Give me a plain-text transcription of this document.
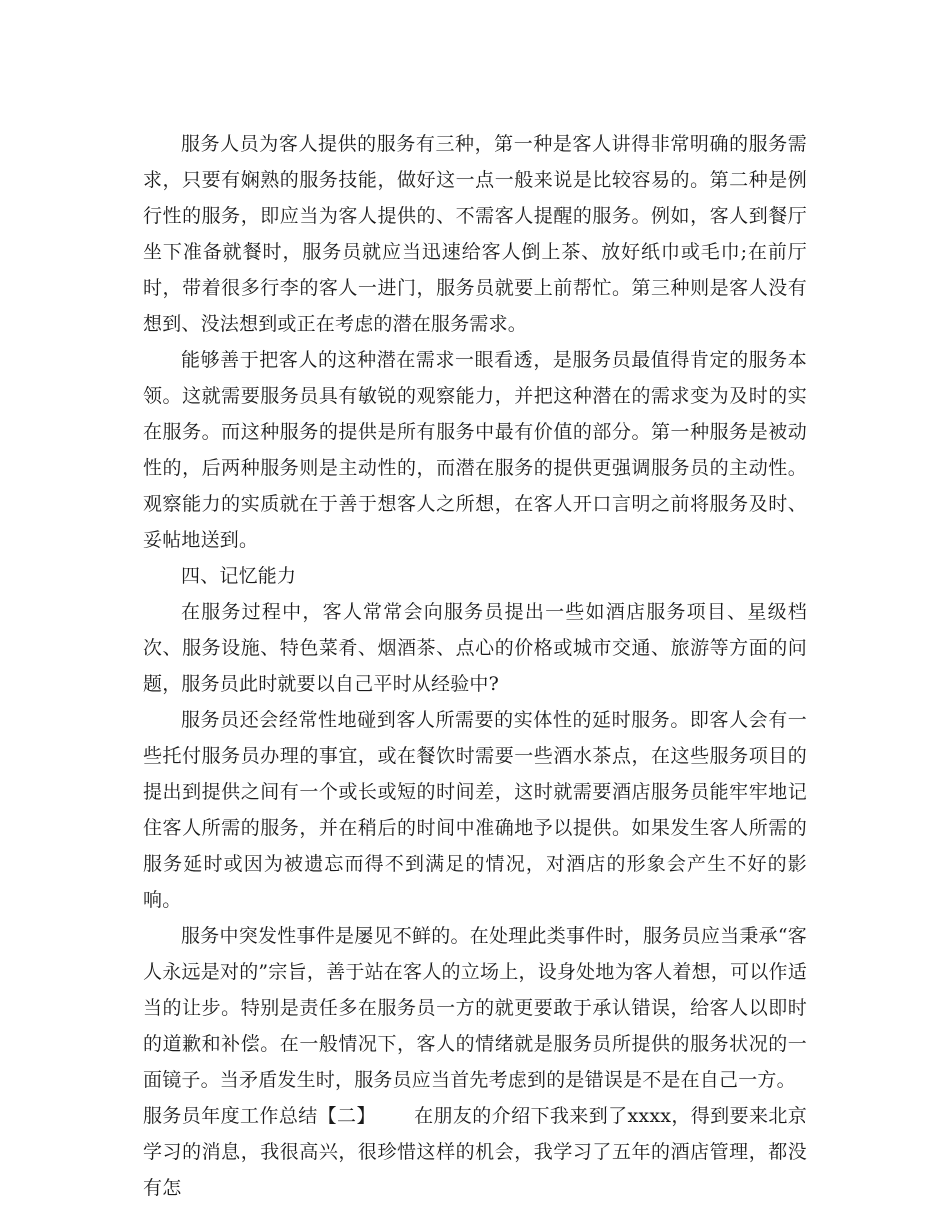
服务人员为客人提供的服务有三种，第一种是客人讲得非常明确的服务需求，只要有娴熟的服务技能，做好这一点一般来说是比较容易的。第二种是例行性的服务，即应当为客人提供的、不需客人提醒的服务。例如，客人到餐厅坐下准备就餐时，服务员就应当迅速给客人倒上茶、放好纸巾或毛巾;在前厅时，带着很多行李的客人一进门，服务员就要上前帮忙。第三种则是客人没有想到、没法想到或正在考虑的潜在服务需求。

能够善于把客人的这种潜在需求一眼看透，是服务员最值得肯定的服务本领。这就需要服务员具有敏锐的观察能力，并把这种潜在的需求变为及时的实在服务。而这种服务的提供是所有服务中最有价值的部分。第一种服务是被动性的，后两种服务则是主动性的，而潜在服务的提供更强调服务员的主动性。观察能力的实质就在于善于想客人之所想，在客人开口言明之前将服务及时、妥帖地送到。

四、记忆能力

在服务过程中，客人常常会向服务员提出一些如酒店服务项目、星级档次、服务设施、特色菜肴、烟酒茶、点心的价格或城市交通、旅游等方面的问题，服务员此时就要以自己平时从经验中?

服务员还会经常性地碰到客人所需要的实体性的延时服务。即客人会有一些托付服务员办理的事宜，或在餐饮时需要一些酒水茶点，在这些服务项目的提出到提供之间有一个或长或短的时间差，这时就需要酒店服务员能牢牢地记住客人所需的服务，并在稍后的时间中准确地予以提供。如果发生客人所需的服务延时或因为被遗忘而得不到满足的情况，对酒店的形象会产生不好的影响。

服务中突发性事件是屡见不鲜的。在处理此类事件时，服务员应当秉承“客人永远是对的”宗旨，善于站在客人的立场上，设身处地为客人着想，可以作适当的让步。特别是责任多在服务员一方的就更要敢于承认错误，给客人以即时的道歉和补偿。在一般情况下，客人的情绪就是服务员所提供的服务状况的一面镜子。当矛盾发生时，服务员应当首先考虑到的是错误是不是在自己一方。

服务员年度工作总结【二】 在朋友的介绍下我来到了xxxx，得到要来北京学习的消息，我很高兴，很珍惜这样的机会，我学习了五年的酒店管理，都没有怎
